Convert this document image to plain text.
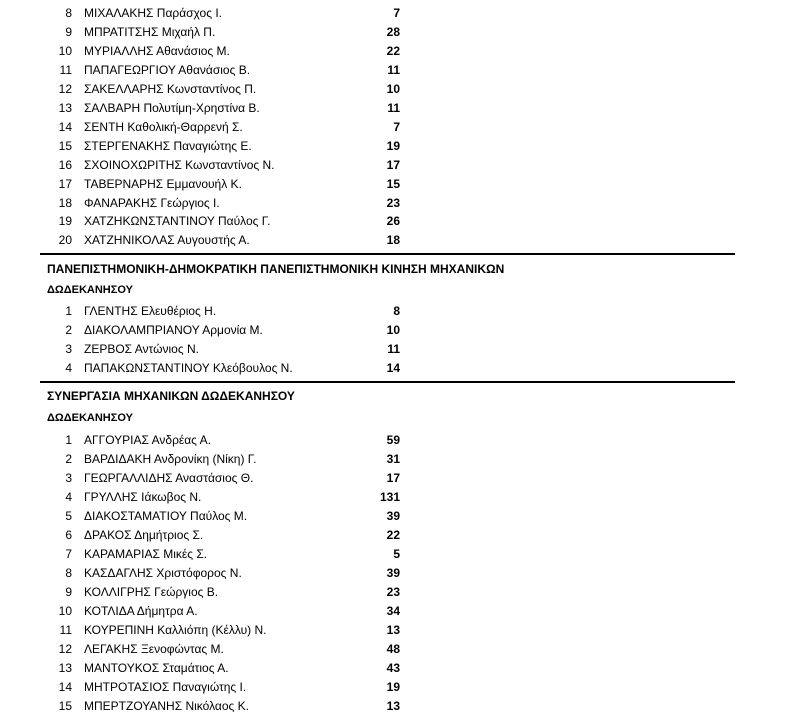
8 ΜΙΧΑΛΑΚΗΣ Παράσχος Ι.	7
9 ΜΠΡΑΤΙΤΣΗΣ Μιχαήλ Π.	28
10 ΜΥΡΙΑΛΛΗΣ Αθανάσιος Μ.	22
11 ΠΑΠΑΓΕΩΡΓΙΟΥ Αθανάσιος Β.	11
12 ΣΑΚΕΛΛΑΡΗΣ Κωνσταντίνος Π.	10
13 ΣΑΛΒΑΡΗ Πολυτίμη-Χρηστίνα Β.	11
14 ΣΕΝΤΗ Καθολική-Θαρρενή Σ.	7
15 ΣΤΕΡΓΕΝΑΚΗΣ Παναγιώτης Ε.	19
16 ΣΧΟΙΝΟΧΩΡΙΤΗΣ Κωνσταντίνος Ν.	17
17 ΤΑΒΕΡΝΑΡΗΣ Εμμανουήλ Κ.	15
18 ΦΑΝΑΡΑΚΗΣ Γεώργιος Ι.	23
19 ΧΑΤΖΗΚΩΝΣΤΑΝΤΙΝΟΥ Παύλος Γ.	26
20 ΧΑΤΖΗΝΙΚΟΛΑΣ Αυγουστής Α.	18
ΠΑΝΕΠΙΣΤΗΜΟΝΙΚΗ-ΔΗΜΟΚΡΑΤΙΚΗ ΠΑΝΕΠΙΣΤΗΜΟΝΙΚΗ ΚΙΝΗΣΗ ΜΗΧΑΝΙΚΩΝ
ΔΩΔΕΚΑΝΗΣΟΥ
1 ΓΛΕΝΤΗΣ Ελευθέριος Η.	8
2 ΔΙΑΚΟΛΑΜΠΡΙΑΝΟΥ Αρμονία Μ.	10
3 ΖΕΡΒΟΣ Αντώνιος Ν.	11
4 ΠΑΠΑΚΩΝΣΤΑΝΤΙΝΟΥ Κλεόβουλος Ν.	14
ΣΥΝΕΡΓΑΣΙΑ ΜΗΧΑΝΙΚΩΝ ΔΩΔΕΚΑΝΗΣΟΥ
ΔΩΔΕΚΑΝΗΣΟΥ
1 ΑΓΓΟΥΡΙΑΣ Ανδρέας Α.	59
2 ΒΑΡΔΙΔΑΚΗ Ανδρονίκη (Νίκη) Γ.	31
3 ΓΕΩΡΓΑΛΛΙΔΗΣ Αναστάσιος Θ.	17
4 ΓΡΥΛΛΗΣ Ιάκωβος Ν.	131
5 ΔΙΑΚΟΣΤΑΜΑΤΙΟΥ Παύλος Μ.	39
6 ΔΡΑΚΟΣ Δημήτριος Σ.	22
7 ΚΑΡΑΜΑΡΙΑΣ Μικές Σ.	5
8 ΚΑΣΔΑΓΛΗΣ Χριστόφορος Ν.	39
9 ΚΟΛΛΙΓΡΗΣ Γεώργιος Β.	23
10 ΚΟΤΛΙΔΑ Δήμητρα Α.	34
11 ΚΟΥΡΕΠΙΝΗ Καλλιόπη (Κέλλυ) Ν.	13
12 ΛΕΓΑΚΗΣ Ξενοφώντας Μ.	48
13 ΜΑΝΤΟΥΚΟΣ Σταμάτιος Α.	43
14 ΜΗΤΡΟΤΑΣΙΟΣ Παναγιώτης Ι.	19
15 ΜΠΕΡΤΖΟΥΑΝΗΣ Νικόλαος Κ.	13
